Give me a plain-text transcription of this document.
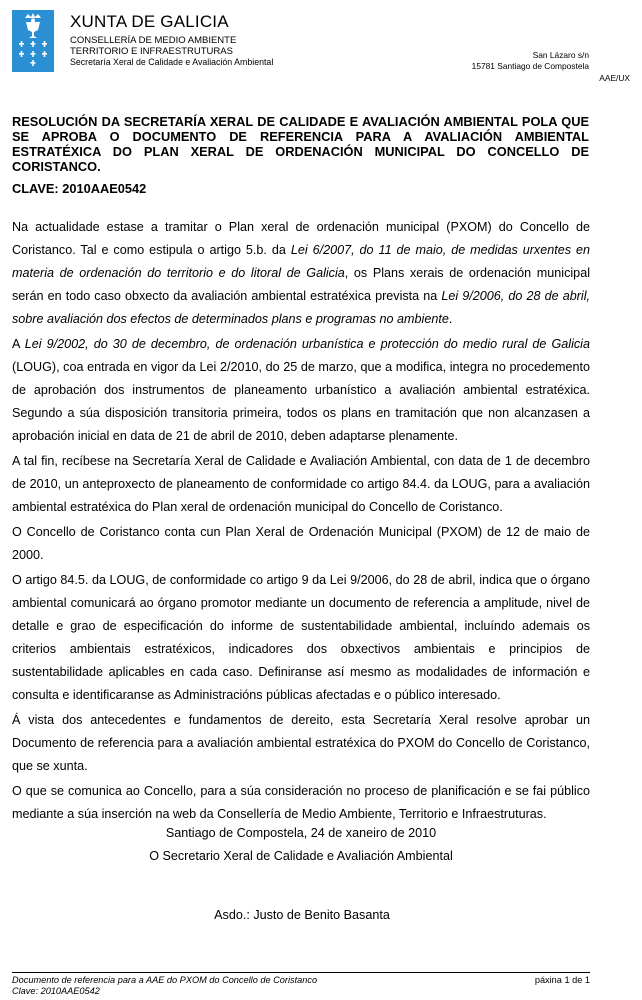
XUNTA DE GALICIA
CONSELLERÍA DE MEDIO AMBIENTE
TERRITORIO E INFRAESTRUTURAS
Secretaría Xeral de Calidade e Avaliación Ambiental
San Lázaro s/n
15781 Santiago de Compostela
AAE/UX
RESOLUCIÓN DA SECRETARÍA XERAL DE CALIDADE E AVALIACIÓN AMBIENTAL POLA QUE SE APROBA O DOCUMENTO DE REFERENCIA PARA A AVALIACIÓN AMBIENTAL ESTRATÉXICA DO PLAN XERAL DE ORDENACIÓN MUNICIPAL DO CONCELLO DE CORISTANCO.
CLAVE: 2010AAE0542

Na actualidade estase a tramitar o Plan xeral de ordenación municipal (PXOM) do Concello de Coristanco. Tal e como estipula o artigo 5.b. da Lei 6/2007, do 11 de maio, de medidas urxentes en materia de ordenación do territorio e do litoral de Galicia, os Plans xerais de ordenación municipal serán en todo caso obxecto da avaliación ambiental estratéxica prevista na Lei 9/2006, do 28 de abril, sobre avaliación dos efectos de determinados plans e programas no ambiente.

A Lei 9/2002, do 30 de decembro, de ordenación urbanística e protección do medio rural de Galicia (LOUG), coa entrada en vigor da Lei 2/2010, do 25 de marzo, que a modifica, integra no procedemento de aprobación dos instrumentos de planeamento urbanístico a avaliación ambiental estratéxica. Segundo a súa disposición transitoria primeira, todos os plans en tramitación que non alcanzasen a aprobación inicial en data de 21 de abril de 2010, deben adaptarse plenamente.

A tal fin, recíbese na Secretaría Xeral de Calidade e Avaliación Ambiental, con data de 1 de decembro de 2010, un anteproxecto de planeamento de conformidade co artigo 84.4. da LOUG, para a avaliación ambiental estratéxica do Plan xeral de ordenación municipal do Concello de Coristanco.

O Concello de Coristanco conta cun Plan Xeral de Ordenación Municipal (PXOM) de 12 de maio de 2000.

O artigo 84.5. da LOUG, de conformidade co artigo 9 da Lei 9/2006, do 28 de abril, indica que o órgano ambiental comunicará ao órgano promotor mediante un documento de referencia a amplitude, nivel de detalle e grao de especificación do informe de sustentabilidade ambiental, incluíndo ademais os criterios ambientais estratéxicos, indicadores dos obxectivos ambientais e principios de sustentabilidade aplicables en cada caso. Definiranse así mesmo as modalidades de información e consulta e identificaranse as Administracións públicas afectadas e o público interesado.

Á vista dos antecedentes e fundamentos de dereito, esta Secretaría Xeral resolve aprobar un Documento de referencia para a avaliación ambiental estratéxica do PXOM do Concello de Coristanco, que se xunta.

O que se comunica ao Concello, para a súa consideración no proceso de planificación e se fai público mediante a súa inserción na web da Consellería de Medio Ambiente, Territorio e Infraestruturas.

Santiago de Compostela, 24 de xaneiro de 2010
O Secretario Xeral de Calidade e Avaliación Ambiental
Asdo.: Justo de Benito Basanta
Documento de referencia para a AAE do PXOM do Concello de Coristanco
Clave: 2010AAE0542
páxina 1 de 1
